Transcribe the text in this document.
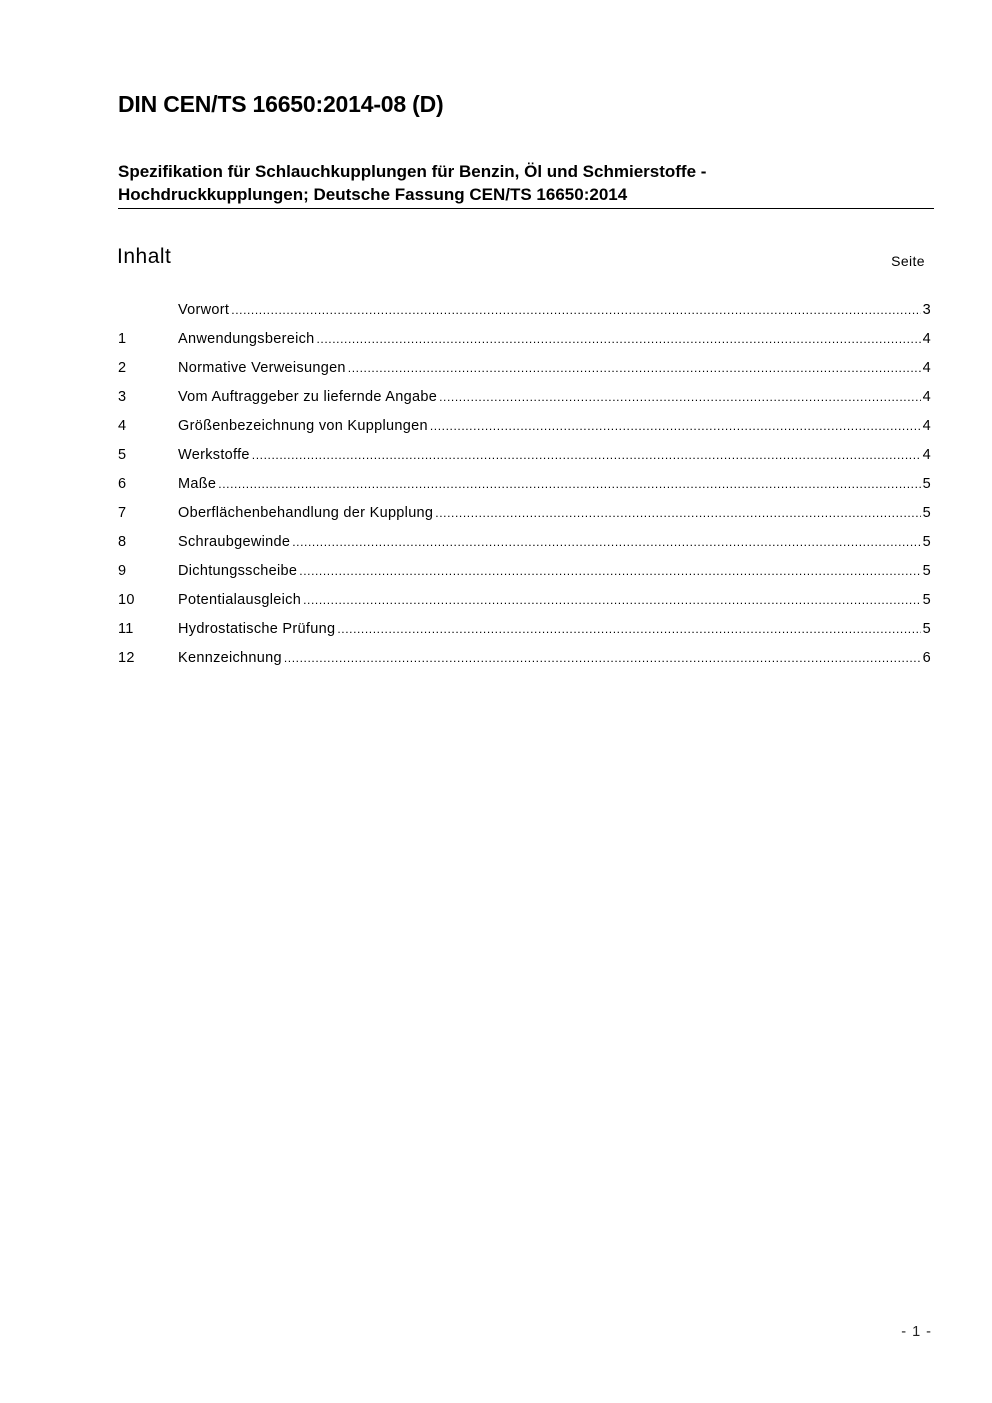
DIN CEN/TS 16650:2014-08 (D)
Spezifikation für Schlauchkupplungen für Benzin, Öl und Schmierstoffe -
Hochdruckkupplungen; Deutsche Fassung CEN/TS 16650:2014
Inhalt	Seite
Vorwort .....	3
1	Anwendungsbereich .....	4
2	Normative Verweisungen .....	4
3	Vom Auftraggeber zu liefernde Angabe .....	4
4	Größenbezeichnung von Kupplungen .....	4
5	Werkstoffe .....	4
6	Maße .....	5
7	Oberflächenbehandlung der Kupplung .....	5
8	Schraubgewinde .....	5
9	Dichtungsscheibe .....	5
10	Potentialausgleich .....	5
11	Hydrostatische Prüfung .....	5
12	Kennzeichnung .....	6
- 1 -
